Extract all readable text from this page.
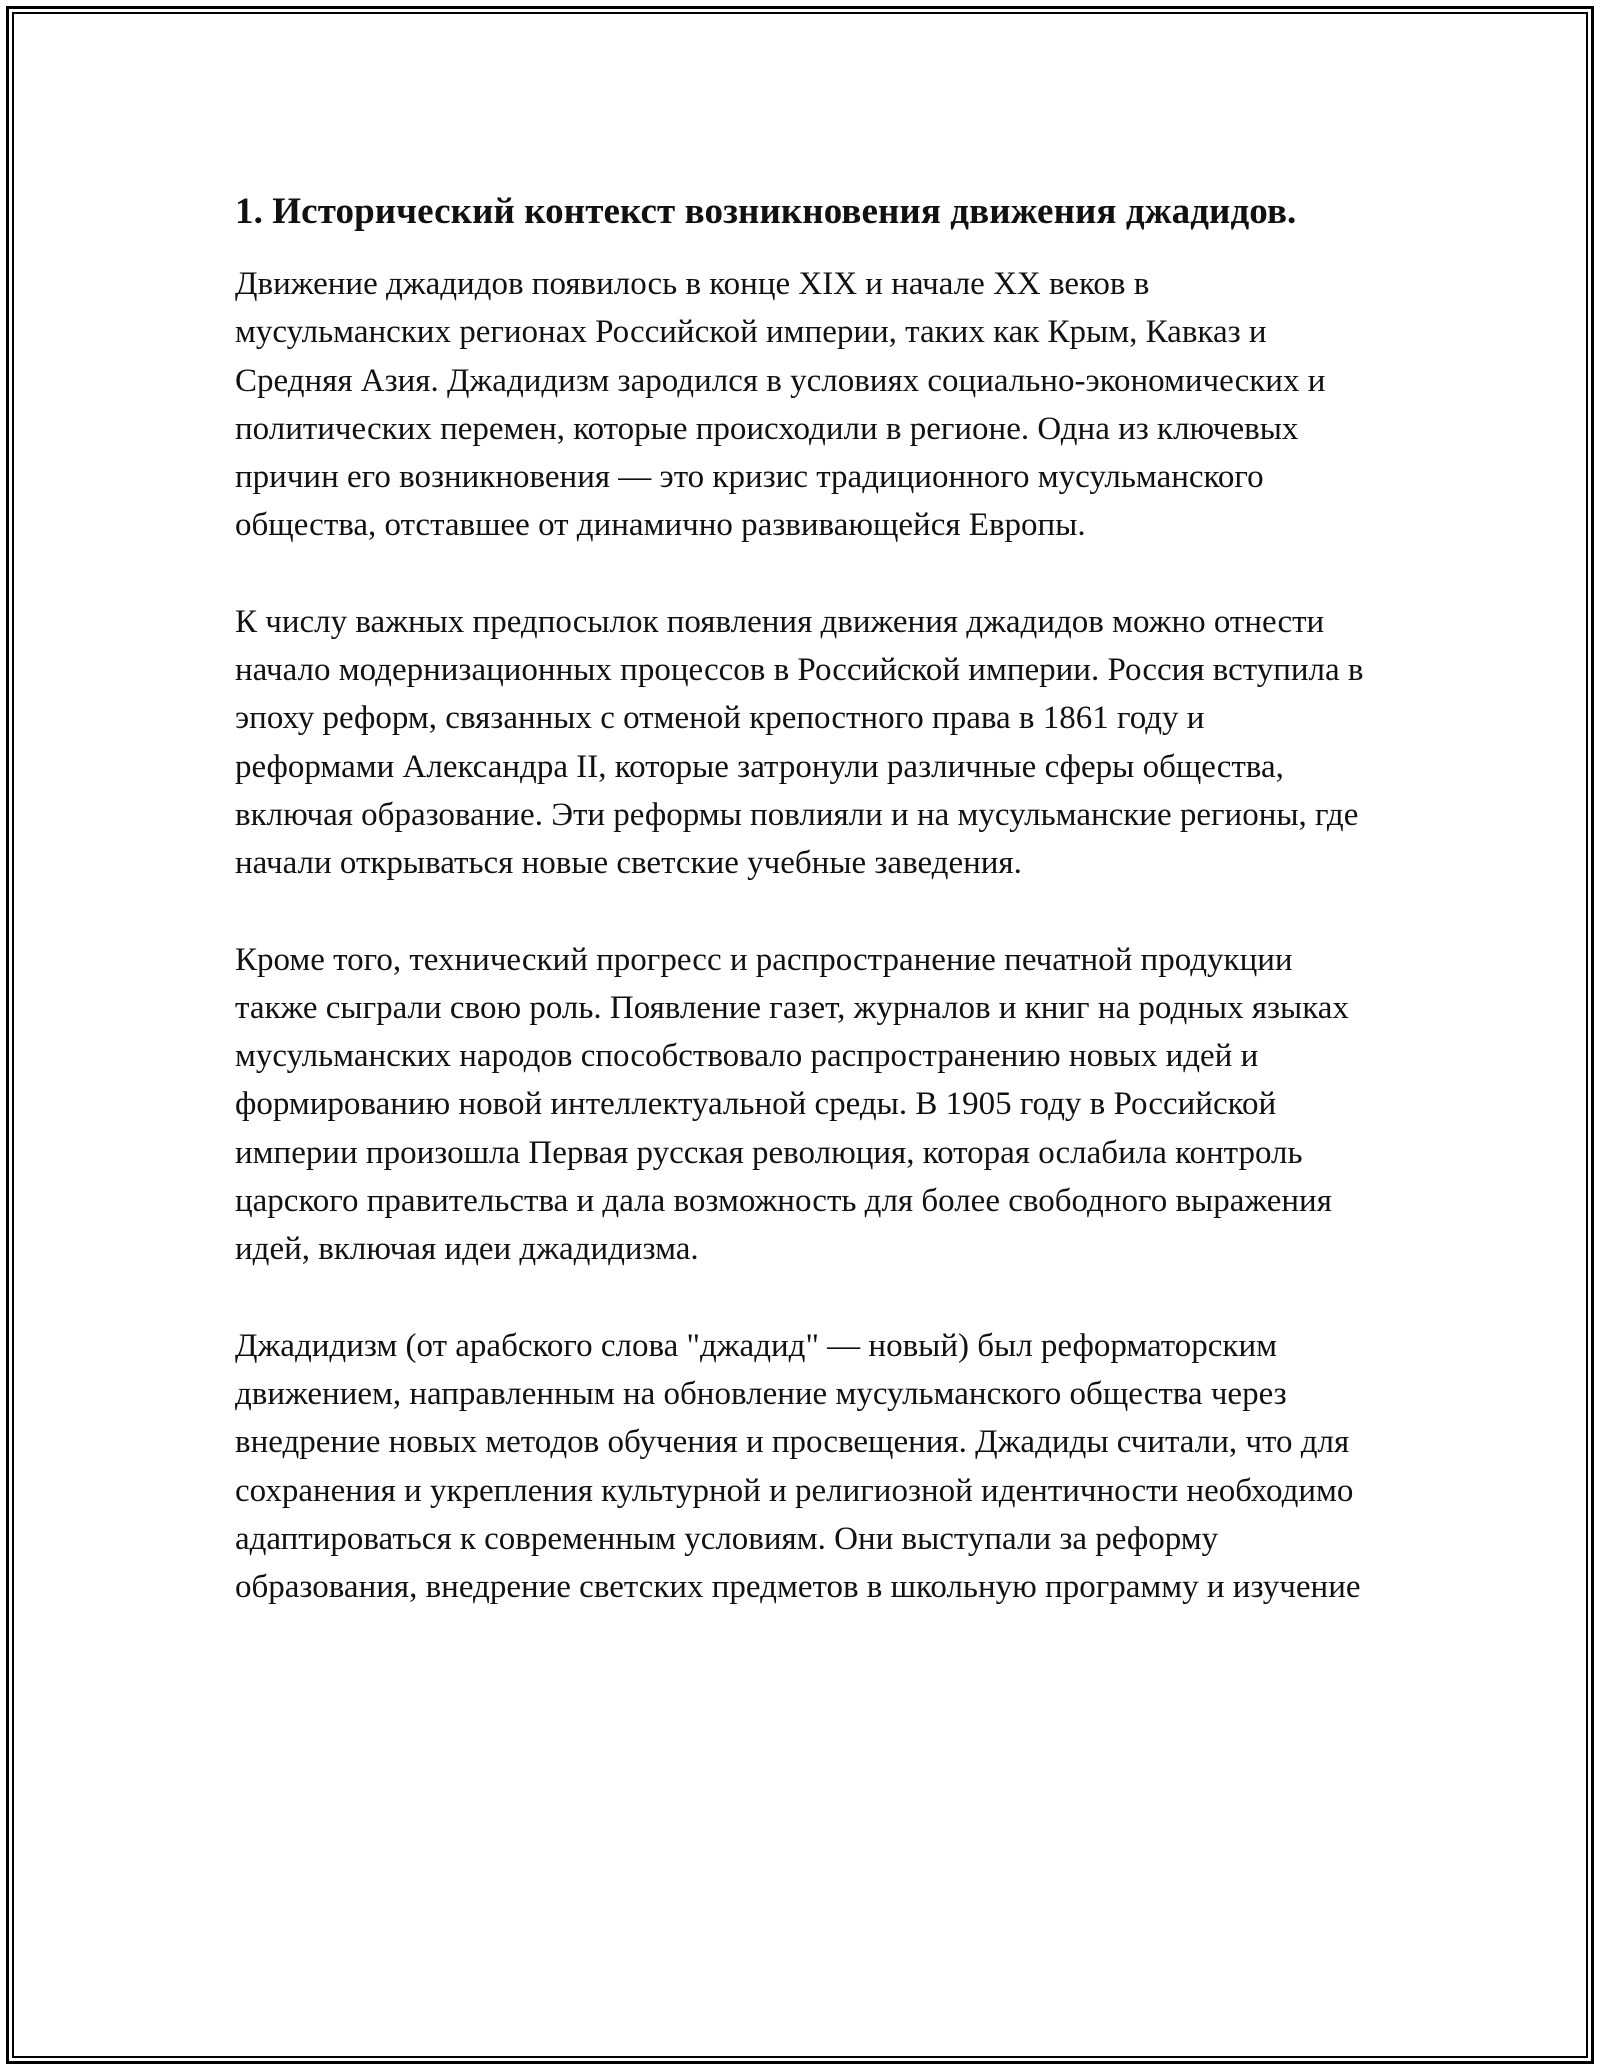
1. Исторический контекст возникновения движения джадидов.

Движение джадидов появилось в конце XIX и начале XX веков в мусульманских регионах Российской империи, таких как Крым, Кавказ и Средняя Азия. Джадидизм зародился в условиях социально-экономических и политических перемен, которые происходили в регионе. Одна из ключевых причин его возникновения — это кризис традиционного мусульманского общества, отставшее от динамично развивающейся Европы.

К числу важных предпосылок появления движения джадидов можно отнести начало модернизационных процессов в Российской империи. Россия вступила в эпоху реформ, связанных с отменой крепостного права в 1861 году и реформами Александра II, которые затронули различные сферы общества, включая образование. Эти реформы повлияли и на мусульманские регионы, где начали открываться новые светские учебные заведения.

Кроме того, технический прогресс и распространение печатной продукции также сыграли свою роль. Появление газет, журналов и книг на родных языках мусульманских народов способствовало распространению новых идей и формированию новой интеллектуальной среды. В 1905 году в Российской империи произошла Первая русская революция, которая ослабила контроль царского правительства и дала возможность для более свободного выражения идей, включая идеи джадидизма.

Джадидизм (от арабского слова "джадид" — новый) был реформаторским движением, направленным на обновление мусульманского общества через внедрение новых методов обучения и просвещения. Джадиды считали, что для сохранения и укрепления культурной и религиозной идентичности необходимо адаптироваться к современным условиям. Они выступали за реформу образования, внедрение светских предметов в школьную программу и изучение
